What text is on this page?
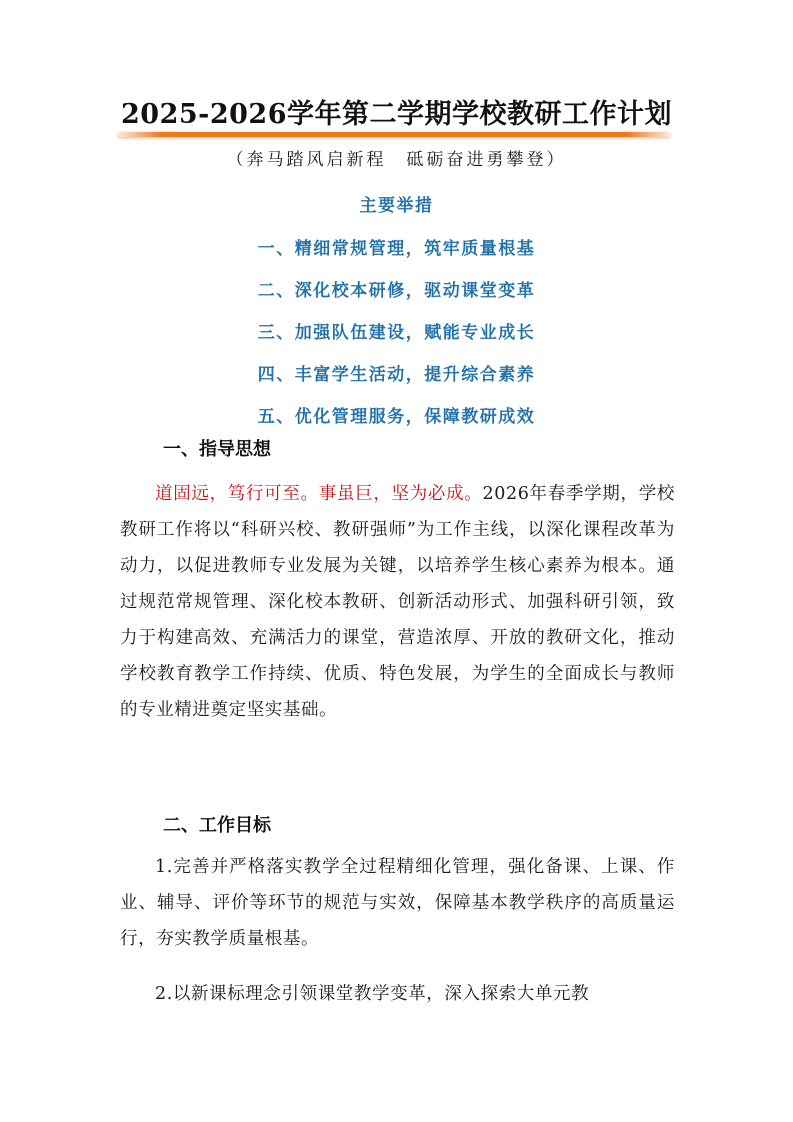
2025-2026学年第二学期学校教研工作计划
（奔马踏风启新程　砥砺奋进勇攀登）
主要举措
一、精细常规管理，筑牢质量根基
二、深化校本研修，驱动课堂变革
三、加强队伍建设，赋能专业成长
四、丰富学生活动，提升综合素养
五、优化管理服务，保障教研成效
一、指导思想

道固远，笃行可至。事虽巨，坚为必成。2026年春季学期，学校教研工作将以“科研兴校、教研强师”为工作主线，以深化课程改革为动力，以促进教师专业发展为关键，以培养学生核心素养为根本。通过规范常规管理、深化校本教研、创新活动形式、加强科研引领，致力于构建高效、充满活力的课堂，营造浓厚、开放的教研文化，推动学校教育教学工作持续、优质、特色发展，为学生的全面成长与教师的专业精进奠定坚实基础。

二、工作目标

1.完善并严格落实教学全过程精细化管理，强化备课、上课、作业、辅导、评价等环节的规范与实效，保障基本教学秩序的高质量运行，夯实教学质量根基。

2.以新课标理念引领课堂教学变革，深入探索大单元教
